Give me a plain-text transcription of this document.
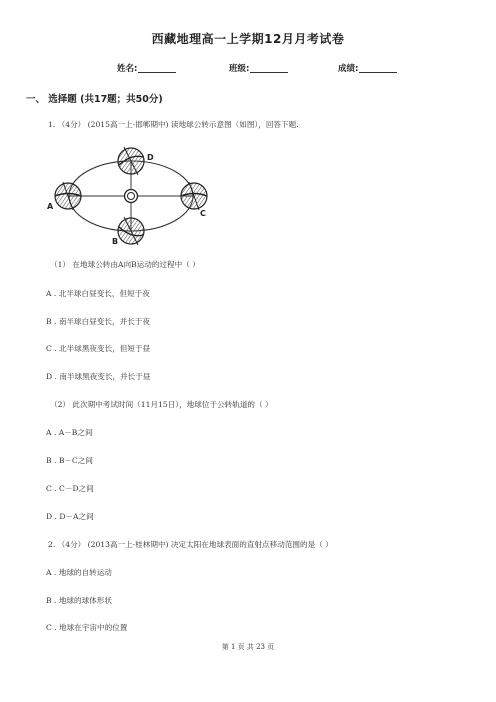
西藏地理高一上学期12月月考试卷
姓名:	班级:	成绩:
一、 选择题 (共17题；共50分)
1. （4分） (2015高一上·邯郸期中) 读地球公转示意图（如图），回答下题.
D
A
C
B
（1） 在地球公转由A向B运动的过程中（ ）
A . 北半球白昼变长，但短于夜
B . 南半球白昼变长，并长于夜
C . 北半球黑夜变长，但短于昼
D . 南半球黑夜变长，并长于昼
（2） 此次期中考试时间（11月15日），地球位于公转轨道的（ ）
A . A－B之间
B . B－C之间
C . C－D之间
D . D－A之间
2. （4分） (2013高一上·桂林期中) 决定太阳在地球表面的直射点移动范围的是（ ）
A . 地球的自转运动
B . 地球的球体形状
C . 地球在宇宙中的位置
第 1 页 共 23 页
